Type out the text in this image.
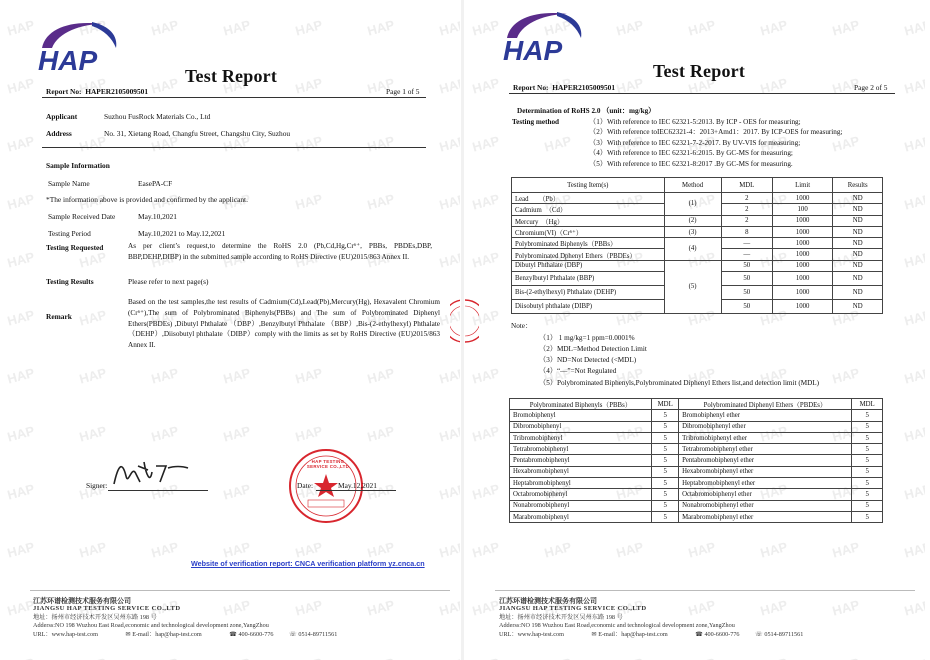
HAP	Test Report
Report No: HAPER2105009501	Page 1 of 5
Applicant	Suzhou FusRock Materials Co., Ltd
Address	No. 31, Xietang Road, Changfu Street, Changshu City, Suzhou
Sample Information
Sample Name	EasePA-CF
*The information above is provided and confirmed by the applicant.
Sample Received Date	May.10,2021
Testing Period	May.10,2021 to May.12,2021
Testing Requested	As per client’s request,to determine the RoHS 2.0 (Pb,Cd,Hg,Cr⁶⁺, PBBs, PBDEs,DBP, BBP,DEHP,DIBP) in the submitted sample according to RoHS Directive (EU)2015/863 Annex II.
Testing Results	Please refer to next page(s)
Remark
Based on the test samples,the test results of Cadmium(Cd),Lead(Pb),Mercury(Hg), Hexavalent Chromium (Cr⁶⁺),The sum of Polybrominated Biphenyls(PBBs) and The sum of Polybrominated Diphenyl Ethers(PBDEs) ,Dibutyl Phthalate （DBP）,Benzylbutyl Phthalate （BBP）,Bis-(2-ethylhexyl) Phthalate（DEHP）,Diisobutyl phthalate（DIBP）comply with the limits as set by RoHS Directive (EU)2015/863 Annex II.
Signer:
HAP TESTING SERVICE CO.,LTD
Date:	May.12,2021
Website of verification report: CNCA verification platform yz.cnca.cn
江苏环谱检测技术服务有限公司
JIANGSU HAP TESTING SERVICE CO.,LTD
地址：扬州市经济技术开发区吴州东路 198 号
Adderss:NO 198 Wuzhou East Road,economic and technological development zone,YangZhou
URL：www.hap-test.com	✉ E-mail：hap@hap-test.com	☎ 400-6600-776	☏ 0514-89711561
HAP
Test Report
Report No: HAPER2105009501	Page 2 of 5
Determination of RoHS 2.0 （unit：mg/kg）
Testing method	（1）With reference to IEC 62321-5:2013. By ICP - OES for measuring;
（2）With reference toIEC62321-4：2013+Amd1：2017. By ICP-OES for measuring;
（3）With reference to IEC 62321-7-2-2017. By UV-VIS for measuring;
（4）With reference to IEC 62321-6:2015. By GC-MS for measuring;
（5）With reference to IEC 62321-8:2017 .By GC-MS for measuring.
Testing Item(s)	Method	MDL	Limit	Results
Lead　　（Pb）	(1)	2	1000	ND
Cadmium　（Cd）		2	100	ND
Mercury　（Hg）	(2)	2	1000	ND
Chromium(VI)（Cr⁶⁺）	(3)	8	1000	ND
Polybrominated Biphenyls（PBBs）	(4)	—	1000	ND
Polybrominated Dphenyl Ethers（PBDEs）		—	1000	ND
Dibutyl Phthalate (DBP)	(5)	50	1000	ND
Benzylbutyl Phthalate (BBP)		50	1000	ND
Bis-(2-ethylhexyl) Phthalate (DEHP)		50	1000	ND
Diisobutyl phthalate (DIBP)		50	1000	ND
Note：
（1） 1 mg/kg=1 ppm=0.0001%
（2）MDL=Method Detection Limit
（3）ND=Not Detected (<MDL)
（4）“—”=Not Regulated
（5）Polybrominated Biphenyls,Polybrominated Diphenyl Ethers list,and detection limit (MDL)
Polybrominated Biphenyls（PBBs）	MDL	Polybrominated Diphenyl Ethers（PBDEs）	MDL
Bromobiphenyl	5	Bromobiphenyl ether	5
Dibromobiphenyl	5	Dibromobiphenyl ether	5
Tribromobiphenyl	5	Tribromobiphenyl ether	5
Tetrabromobiphenyl	5	Tetrabromobiphenyl ether	5
Pentabromobiphenyl	5	Pentabromobiphenyl ether	5
Hexabromobiphenyl	5	Hexabromobiphenyl ether	5
Heptabromobiphenyl	5	Heptabromobiphenyl ether	5
Octabromobiphenyl	5	Octabromobiphenyl ether	5
Nonabromobiphenyl	5	Nonabromobiphenyl ether	5
Marabromobiphenyl	5	Marabromobiphenyl ether	5
江苏环谱检测技术服务有限公司
JIANGSU HAP TESTING SERVICE CO.,LTD
地址：扬州市经济技术开发区吴州东路 198 号
Adderss:NO 198 Wuzhou East Road,economic and technological development zone,YangZhou
URL：www.hap-test.com	✉ E-mail：hap@hap-test.com	☎ 400-6600-776	☏ 0514-89711561
